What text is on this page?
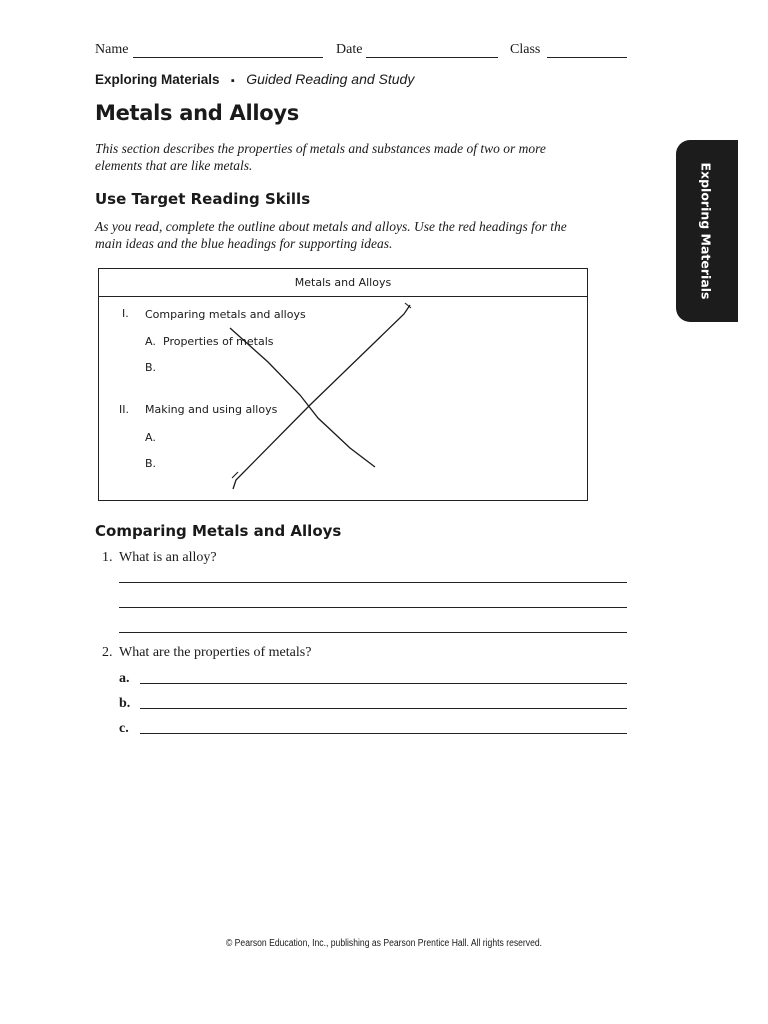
Name	Date	Class
Exploring Materials ▪ Guided Reading and Study
Metals and Alloys
This section describes the properties of metals and substances made of two or more elements that are like metals.
Use Target Reading Skills
As you read, complete the outline about metals and alloys. Use the red headings for the main ideas and the blue headings for supporting ideas.
Metals and Alloys
I. Comparing metals and alloys
A. Properties of metals
B.
II. Making and using alloys
A.
B.
Comparing Metals and Alloys
1. What is an alloy?
2. What are the properties of metals?
a.
b.
c.
Exploring Materials
© Pearson Education, Inc., publishing as Pearson Prentice Hall. All rights reserved.
